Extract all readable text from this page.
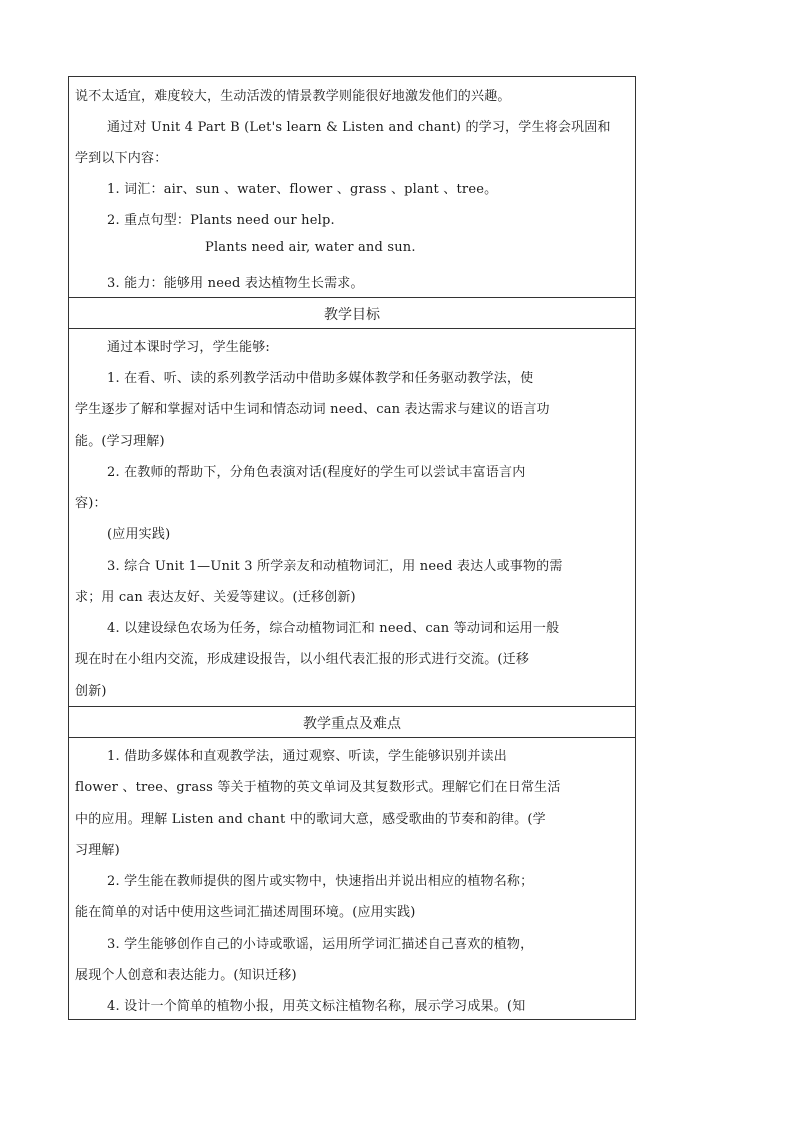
说不太适宜，难度较大，生动活泼的情景教学则能很好地激发他们的兴趣。
通过对 Unit 4 Part B (Let's learn & Listen and chant) 的学习，学生将会巩固和
学到以下内容：
1. 词汇：air、sun 、water、flower 、grass 、plant 、tree。
2. 重点句型：Plants need our help.
Plants need air, water and sun.
3. 能力：能够用 need 表达植物生长需求。
教学目标
通过本课时学习，学生能够:
1. 在看、听、读的系列教学活动中借助多媒体教学和任务驱动教学法，使
学生逐步了解和掌握对话中生词和情态动词 need、can 表达需求与建议的语言功
能。(学习理解)
2. 在教师的帮助下，分角色表演对话(程度好的学生可以尝试丰富语言内
容)：
(应用实践)
3. 综合 Unit 1—Unit 3 所学亲友和动植物词汇，用 need 表达人或事物的需
求；用 can 表达友好、关爱等建议。(迁移创新)
4. 以建设绿色农场为任务，综合动植物词汇和 need、can 等动词和运用一般
现在时在小组内交流，形成建设报告，以小组代表汇报的形式进行交流。(迁移
创新)
教学重点及难点
1. 借助多媒体和直观教学法，通过观察、听读，学生能够识别并读出
flower 、tree、grass 等关于植物的英文单词及其复数形式。理解它们在日常生活
中的应用。理解 Listen and chant 中的歌词大意，感受歌曲的节奏和韵律。(学
习理解)
2. 学生能在教师提供的图片或实物中，快速指出并说出相应的植物名称；
能在简单的对话中使用这些词汇描述周围环境。(应用实践)
3. 学生能够创作自己的小诗或歌谣，运用所学词汇描述自己喜欢的植物，
展现个人创意和表达能力。(知识迁移)
4. 设计一个简单的植物小报，用英文标注植物名称，展示学习成果。(知
